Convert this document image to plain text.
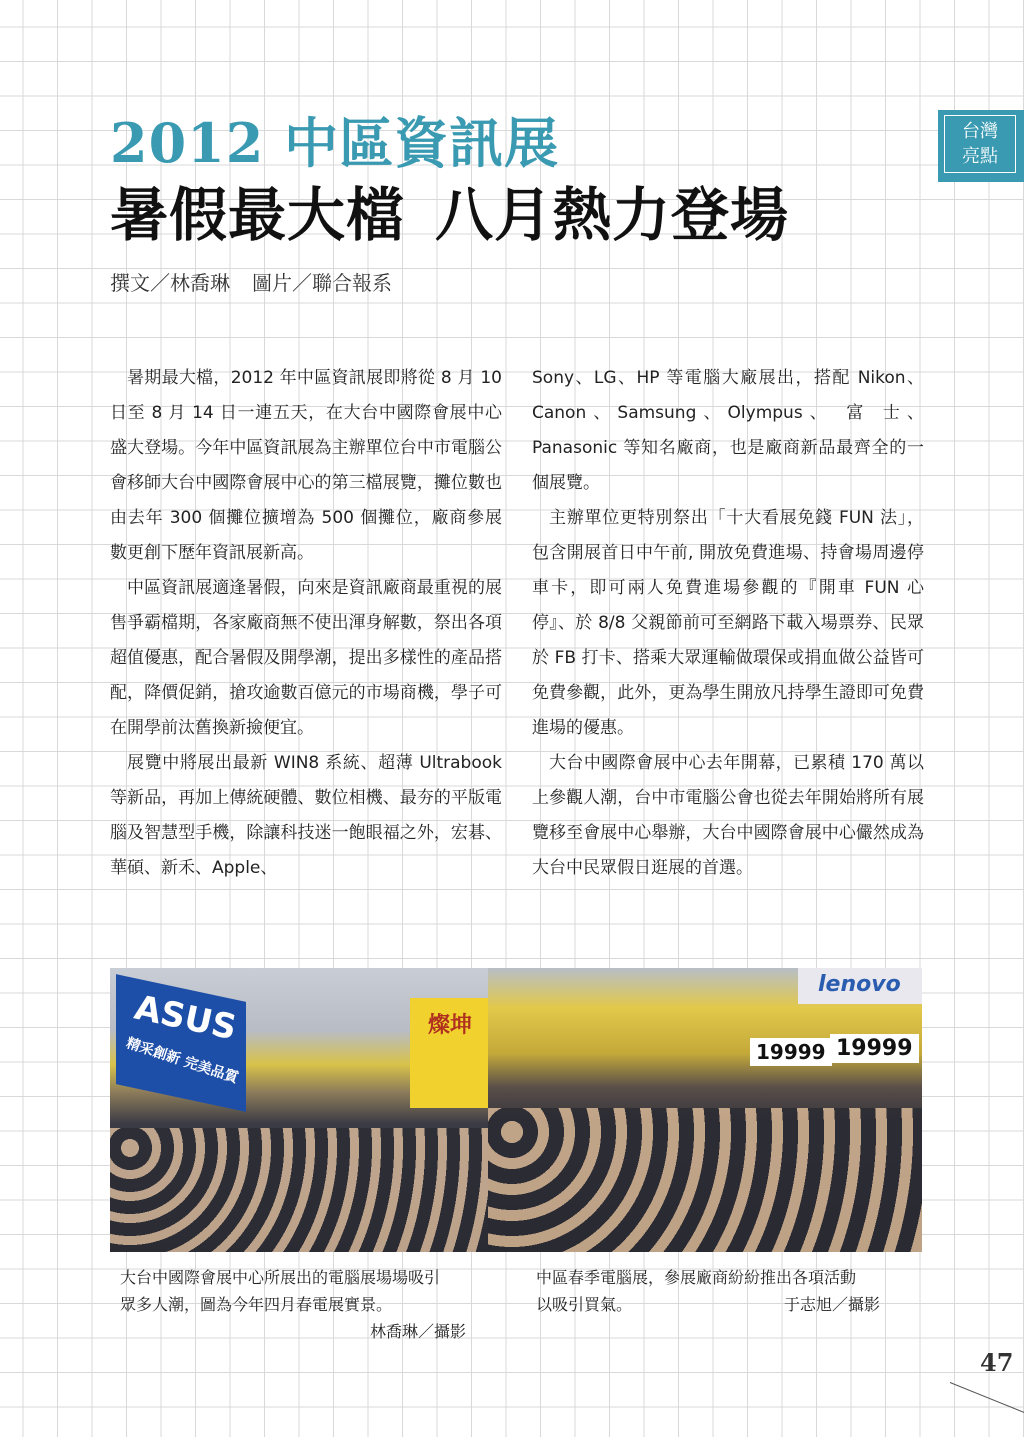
2012 中區資訊展
暑假最大檔 八月熱力登場
撰文／林喬琳 圖片／聯合報系
台灣
亮點

暑期最大檔，2012 年中區資訊展即將從 8 月 10 日至 8 月 14 日一連五天，在大台中國際會展中心盛大登場。今年中區資訊展為主辦單位台中市電腦公會移師大台中國際會展中心的第三檔展覽，攤位數也由去年 300 個攤位擴增為 500 個攤位，廠商參展數更創下歷年資訊展新高。

中區資訊展適逢暑假，向來是資訊廠商最重視的展售爭霸檔期，各家廠商無不使出渾身解數，祭出各項超值優惠，配合暑假及開學潮，提出多樣性的產品搭配，降價促銷，搶攻逾數百億元的市場商機，學子可在開學前汰舊換新撿便宜。

展覽中將展出最新 WIN8 系統、超薄 Ultrabook 等新品，再加上傳統硬體、數位相機、最夯的平版電腦及智慧型手機，除讓科技迷一飽眼福之外，宏碁、華碩、新禾、Apple、

Sony、LG、HP 等電腦大廠展出，搭配 Nikon、Canon、Samsung、Olympus、 富 士、Panasonic 等知名廠商，也是廠商新品最齊全的一個展覽。

主辦單位更特別祭出「十大看展免錢 FUN 法」，包含開展首日中午前, 開放免費進場、持會場周邊停車卡，即可兩人免費進場參觀的『開車 FUN 心停』、於 8/8 父親節前可至網路下載入場票券、民眾於 FB 打卡、搭乘大眾運輸做環保或捐血做公益皆可免費參觀，此外，更為學生開放凡持學生證即可免費進場的優惠。

大台中國際會展中心去年開幕，已累積 170 萬以上參觀人潮，台中市電腦公會也從去年開始將所有展覽移至會展中心舉辦，大台中國際會展中心儼然成為大台中民眾假日逛展的首選。

ASUS
精采創新 完美品質
燦坤
lenovo
19999 19999
大台中國際會展中心所展出的電腦展場場吸引
眾多人潮，圖為今年四月春電展實景。
林喬琳／攝影
中區春季電腦展，參展廠商紛紛推出各項活動
以吸引買氣。	于志旭／攝影
47
